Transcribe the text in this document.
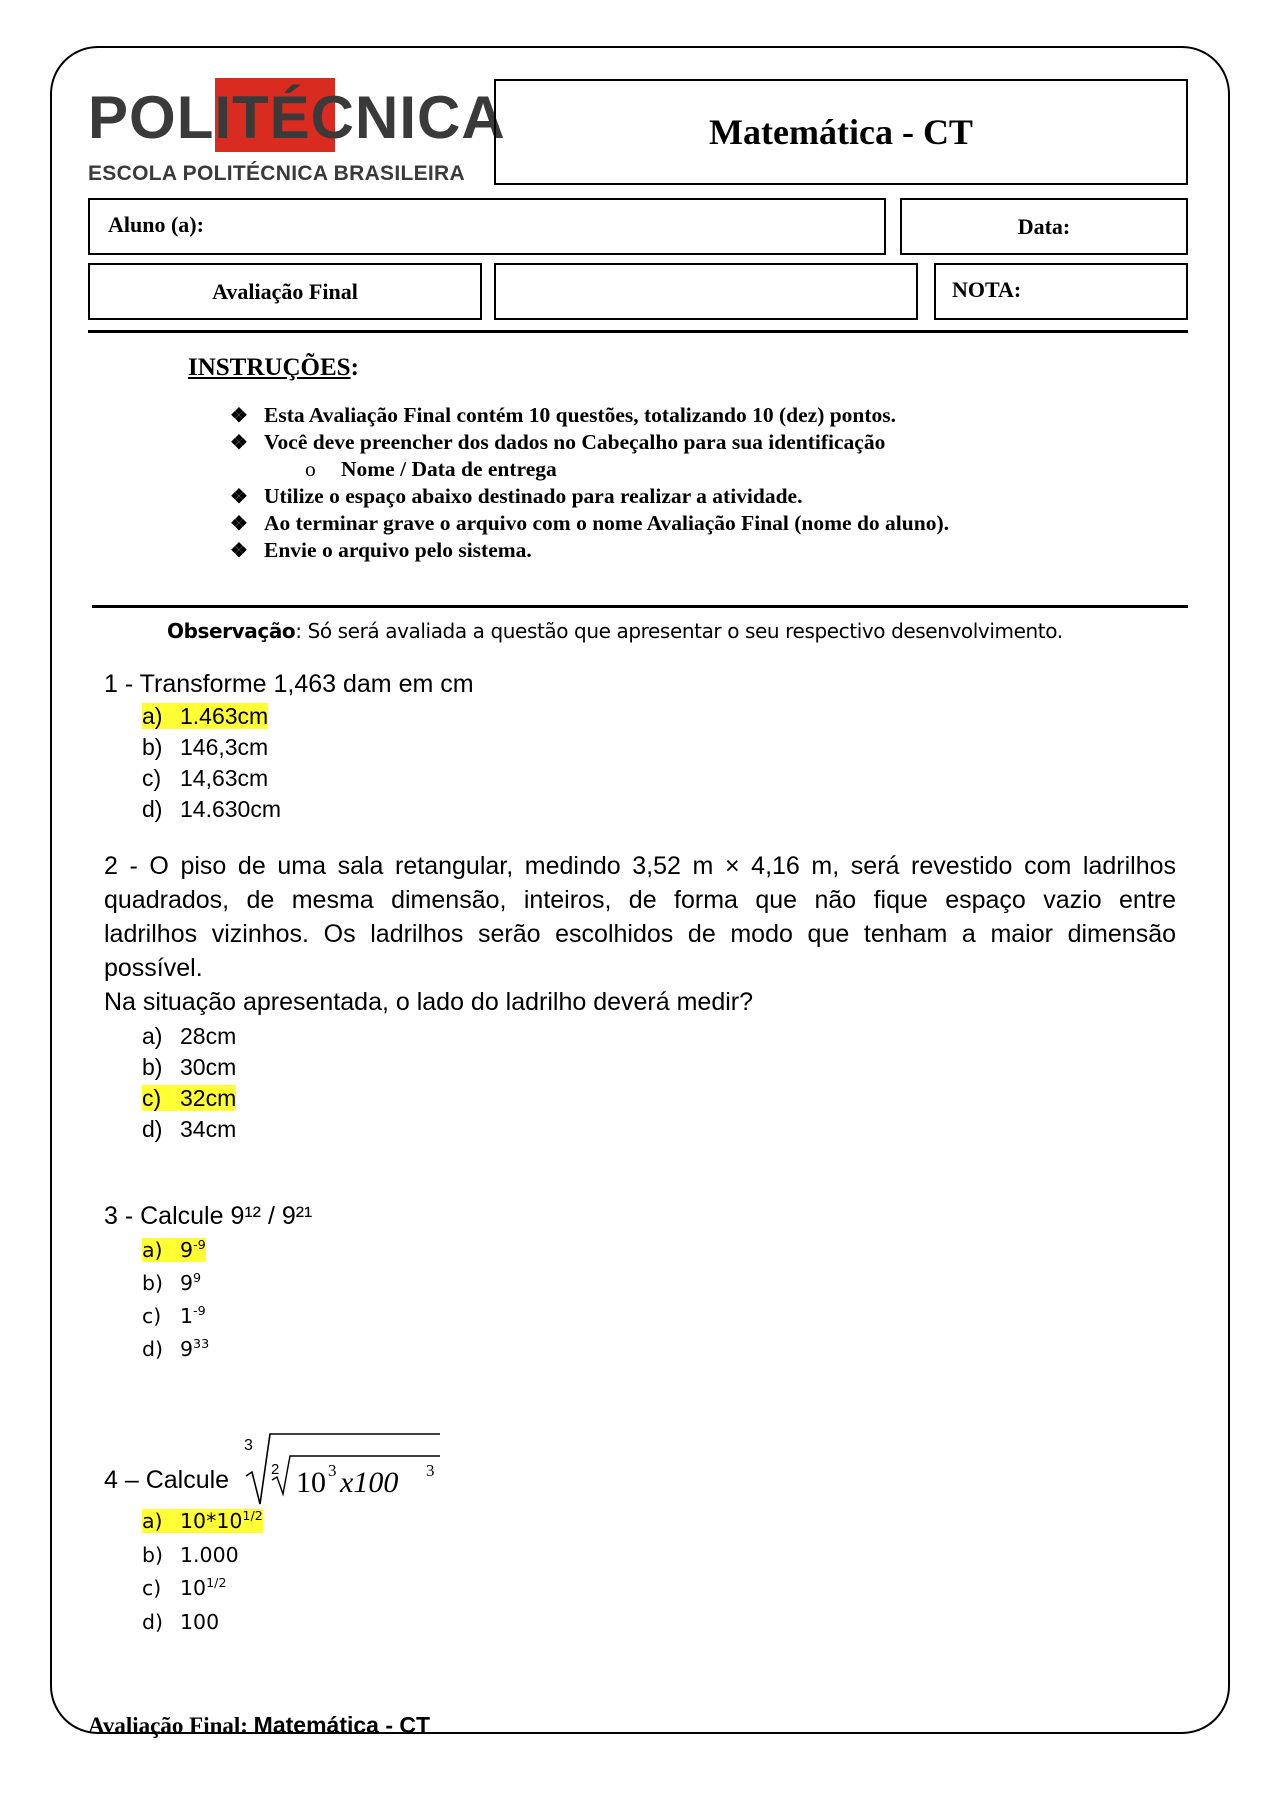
POLITÉCNICA
ESCOLA POLITÉCNICA BRASILEIRA
Matemática - CT
Aluno (a):	Data:
Avaliação Final	NOTA:
INSTRUÇÕES:
❖ Esta Avaliação Final contém 10 questões, totalizando 10 (dez) pontos.
❖ Você deve preencher dos dados no Cabeçalho para sua identificação
o Nome / Data de entrega
❖ Utilize o espaço abaixo destinado para realizar a atividade.
❖ Ao terminar grave o arquivo com o nome Avaliação Final (nome do aluno).
❖ Envie o arquivo pelo sistema.
Observação: Só será avaliada a questão que apresentar o seu respectivo desenvolvimento.
1 - Transforme 1,463 dam em cm
a) 1.463cm
b) 146,3cm
c) 14,63cm
d) 14.630cm
2 - O piso de uma sala retangular, medindo 3,52 m × 4,16 m, será revestido com ladrilhos
quadrados, de mesma dimensão, inteiros, de forma que não fique espaço vazio entre
ladrilhos vizinhos. Os ladrilhos serão escolhidos de modo que tenham a maior dimensão
possível.
Na situação apresentada, o lado do ladrilho deverá medir?
a) 28cm
b) 30cm
c) 32cm
d) 34cm
3 - Calcule 9¹² / 9²¹
a) $9^{-9}$
b) $9^9$
c) $1^{-9}$
d) $9^{33}$
4 – Calcule
3
2 10 3 x100 3
a) $10*10^{1/2}$
b) 1.000
c) $10^{1/2}$
d) 100
Avaliação Final: Matemática - CT
